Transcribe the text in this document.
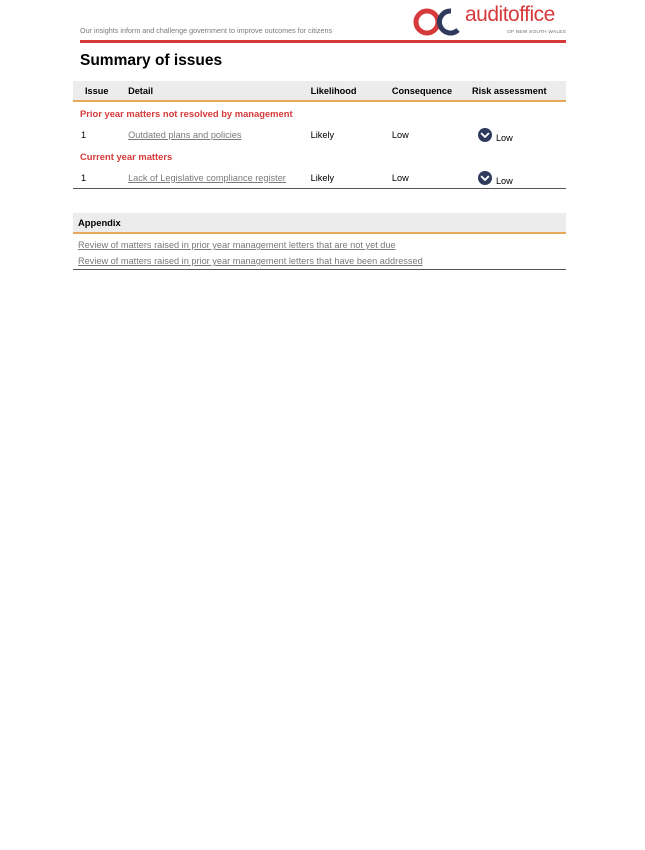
Our insights inform and challenge government to improve outcomes for citizens
auditoffice
OF NEW SOUTH WALES
Summary of issues
Issue	Detail	Likelihood	Consequence	Risk assessment
Prior year matters not resolved by management				
1	Outdated plans and policies	Likely	Low	Low

Current year matters				
1	Lack of Legislative compliance register	Likely	Low	Low
Appendix
Review of matters raised in prior year management letters that are not yet due
Review of matters raised in prior year management letters that have been addressed
